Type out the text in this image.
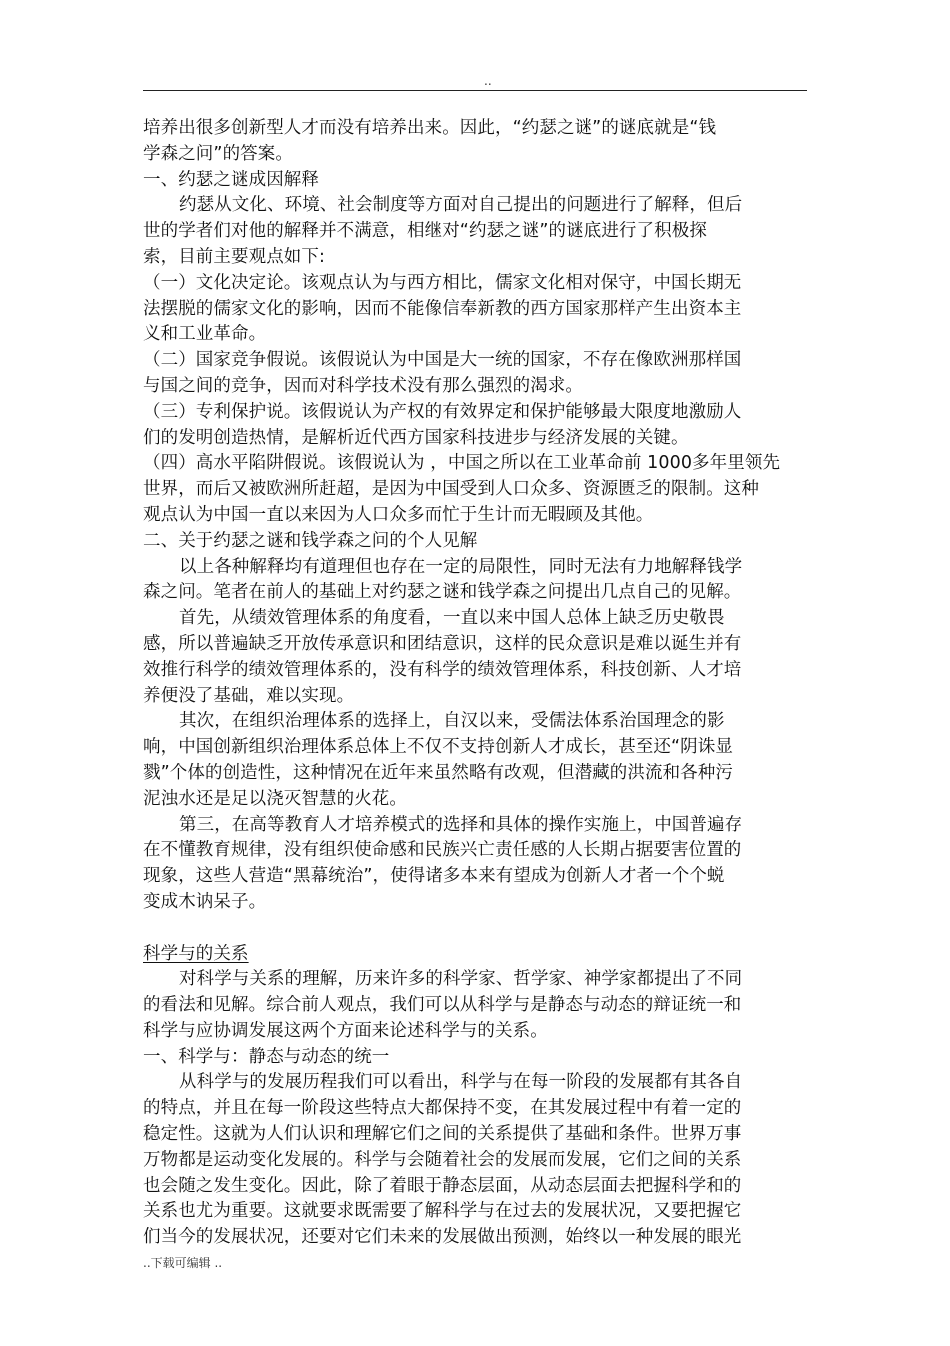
..
培养出很多创新型人才而没有培养出来。因此，“约瑟之谜”的谜底就是“钱
学森之问”的答案。
一、约瑟之谜成因解释
约瑟从文化、环境、社会制度等方面对自己提出的问题进行了解释，但后
世的学者们对他的解释并不满意，相继对“约瑟之谜”的谜底进行了积极探
索，目前主要观点如下:
（一）文化决定论。该观点认为与西方相比，儒家文化相对保守，中国长期无
法摆脱的儒家文化的影响，因而不能像信奉新教的西方国家那样产生出资本主
义和工业革命。
（二）国家竞争假说。该假说认为中国是大一统的国家，不存在像欧洲那样国
与国之间的竞争，因而对科学技术没有那么强烈的渴求。
（三）专利保护说。该假说认为产权的有效界定和保护能够最大限度地激励人
们的发明创造热情，是解析近代西方国家科技进步与经济发展的关键。
（四）高水平陷阱假说。该假说认为 ，中国之所以在工业革命前 1000多年里领先
世界，而后又被欧洲所赶超，是因为中国受到人口众多、资源匮乏的限制。这种
观点认为中国一直以来因为人口众多而忙于生计而无暇顾及其他。
二、关于约瑟之谜和钱学森之问的个人见解
以上各种解释均有道理但也存在一定的局限性，同时无法有力地解释钱学
森之问。笔者在前人的基础上对约瑟之谜和钱学森之问提出几点自己的见解。
首先，从绩效管理体系的角度看，一直以来中国人总体上缺乏历史敬畏
感，所以普遍缺乏开放传承意识和团结意识，这样的民众意识是难以诞生并有
效推行科学的绩效管理体系的，没有科学的绩效管理体系，科技创新、人才培
养便没了基础，难以实现。
其次，在组织治理体系的选择上，自汉以来，受儒法体系治国理念的影
响，中国创新组织治理体系总体上不仅不支持创新人才成长，甚至还“阴诛显
戮”个体的创造性，这种情况在近年来虽然略有改观，但潜藏的洪流和各种污
泥浊水还是足以浇灭智慧的火花。
第三，在高等教育人才培养模式的选择和具体的操作实施上，中国普遍存
在不懂教育规律，没有组织使命感和民族兴亡责任感的人长期占据要害位置的
现象，这些人营造“黑幕统治”，使得诸多本来有望成为创新人才者一个个蜕
变成木讷呆子。
科学与的关系
对科学与关系的理解，历来许多的科学家、哲学家、神学家都提出了不同
的看法和见解。综合前人观点，我们可以从科学与是静态与动态的辩证统一和
科学与应协调发展这两个方面来论述科学与的关系。
一、科学与：静态与动态的统一
从科学与的发展历程我们可以看出，科学与在每一阶段的发展都有其各自
的特点，并且在每一阶段这些特点大都保持不变，在其发展过程中有着一定的
稳定性。这就为人们认识和理解它们之间的关系提供了基础和条件。世界万事
万物都是运动变化发展的。科学与会随着社会的发展而发展，它们之间的关系
也会随之发生变化。因此，除了着眼于静态层面，从动态层面去把握科学和的
关系也尤为重要。这就要求既需要了解科学与在过去的发展状况，又要把握它
们当今的发展状况，还要对它们未来的发展做出预测，始终以一种发展的眼光
..下载可编辑 ..
